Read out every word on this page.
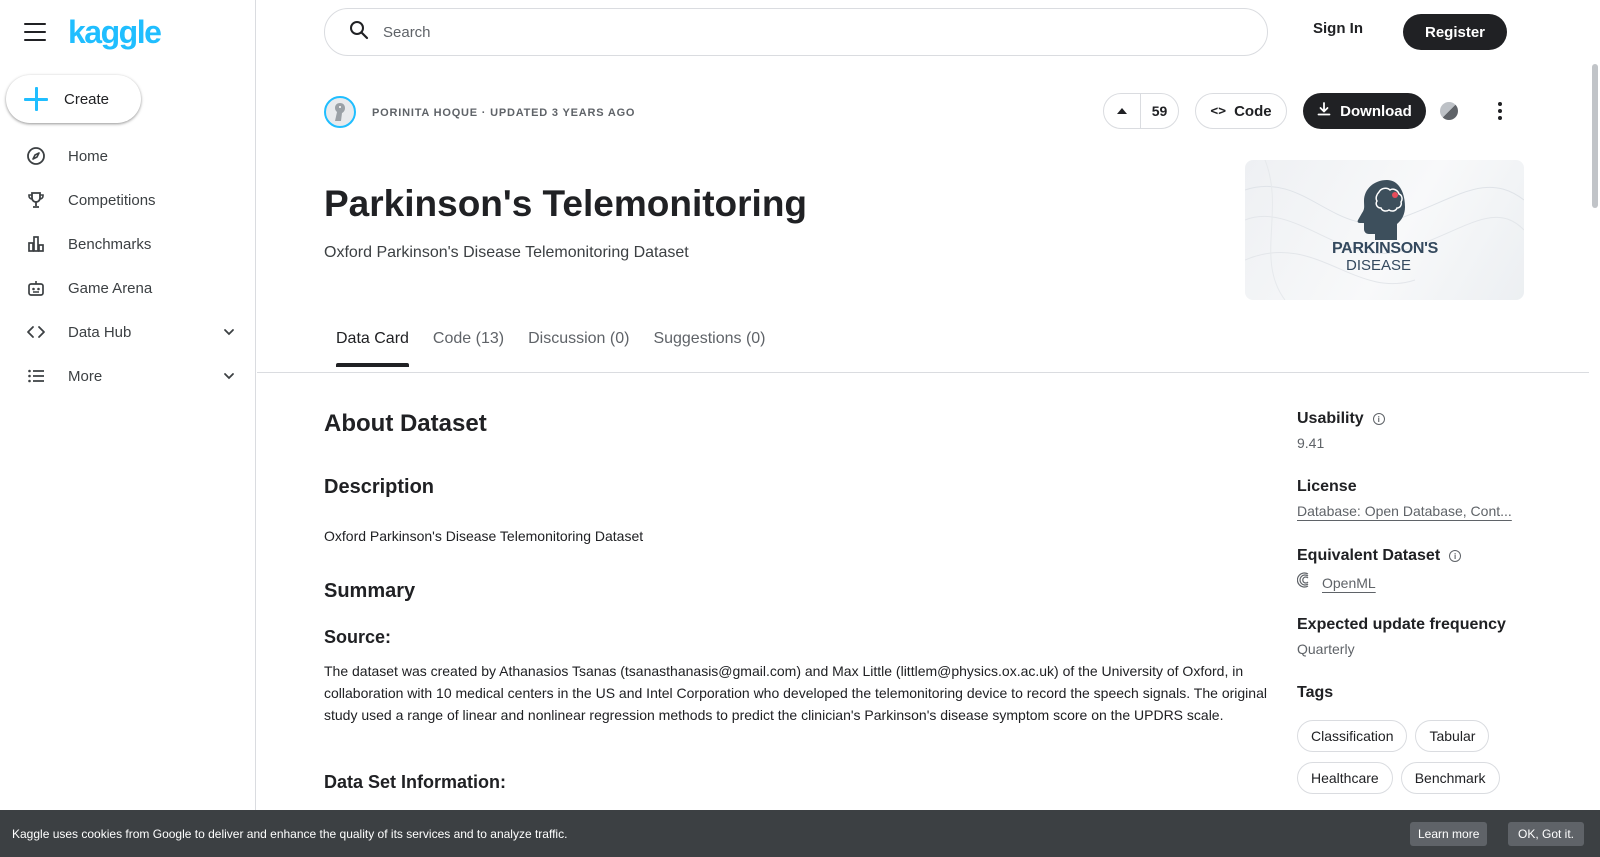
kaggle
Create
Home
Competitions
Benchmarks
Game Arena
Data Hub
More
Search
Sign In	Register
PORINITA HOQUE · UPDATED 3 YEARS AGO	59	<> Code	Download
Parkinson's Telemonitoring
Oxford Parkinson's Disease Telemonitoring Dataset	PARKINSON'S
DISEASE
Data Card Code (13) Discussion (0) Suggestions (0)
About Dataset
Description

Oxford Parkinson's Disease Telemonitoring Dataset

Summary
Source:

The dataset was created by Athanasios Tsanas (tsanasthanasis@gmail.com) and Max Little (littlem@physics.ox.ac.uk) of the University of Oxford, in collaboration with 10 medical centers in the US and Intel Corporation who developed the telemonitoring device to record the speech signals. The original study used a range of linear and nonlinear regression methods to predict the clinician's Parkinson's disease symptom score on the UPDRS scale.

Data Set Information:
Usability	i
9.41
License
Database: Open Database, Cont...
Equivalent Dataset	i
OpenML
Expected update frequency
Quarterly
Tags
Classification	Tabular
Healthcare	Benchmark
Kaggle uses cookies from Google to deliver and enhance the quality of its services and to analyze traffic.	Learn more	OK, Got it.
